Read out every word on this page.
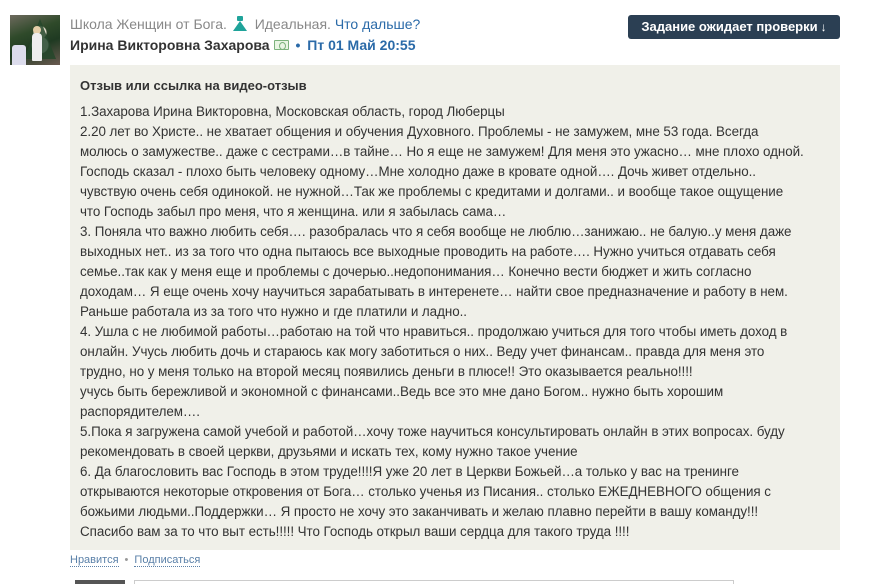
Школа Женщин от Бога. Идеальная. Что дальше?
Ирина Викторовна Захарова • Пт 01 Май 20:55
Задание ожидает проверки ↓
Отзыв или ссылка на видео-отзыв
1.Захарова Ирина Викторовна, Московская область, город Люберцы
2.20 лет во Христе.. не хватает общения и обучения Духовного. Проблемы - не замужем, мне 53 года. Всегда
молюсь о замужестве.. даже с сестрами…в тайне… Но я еще не замужем! Для меня это ужасно… мне плохо одной.
Господь сказал - плохо быть человеку одному…Мне холодно даже в кровате одной…. Дочь живет отдельно..
чувствую очень себя одинокой. не нужной…Так же проблемы с кредитами и долгами.. и вообще такое ощущение
что Господь забыл про меня, что я женщина. или я забылась сама…
3. Поняла что важно любить себя…. разобралась что я себя вообще не люблю…занижаю.. не балую..у меня даже
выходных нет.. из за того что одна пытаюсь все выходные проводить на работе…. Нужно учиться отдавать себя
семье..так как у меня еще и проблемы с дочерью..недопонимания… Конечно вести бюджет и жить согласно
доходам… Я еще очень хочу научиться зарабатывать в интеренете… найти свое предназначение и работу в нем.
Раньше работала из за того что нужно и где платили и ладно..
4. Ушла с не любимой работы…работаю на той что нравиться.. продолжаю учиться для того чтобы иметь доход в
онлайн. Учусь любить дочь и стараюсь как могу заботиться о них.. Веду учет финансам.. правда для меня это
трудно, но у меня только на второй месяц появились деньги в плюсе!! Это оказывается реально!!!!
учусь быть бережливой и экономной с финансами..Ведь все это мне дано Богом.. нужно быть хорошим
распорядителем….
5.Пока я загружена самой учебой и работой…хочу тоже научиться консультировать онлайн в этих вопросах. буду
рекомендовать в своей церкви, друзьями и искать тех, кому нужно такое учение
6. Да благословить вас Господь в этом труде!!!!Я уже 20 лет в Церкви Божьей…а только у вас на тренинге
открываются некоторые откровения от Бога… столько ученья из Писания.. столько ЕЖЕДНЕВНОГО общения с
божьими людьми..Поддержки… Я просто не хочу это заканчивать и желаю плавно перейти в вашу команду!!!
Спасибо вам за то что выт есть!!!!! Что Господь открыл ваши сердца для такого труда !!!!
Нравится • Подписаться
